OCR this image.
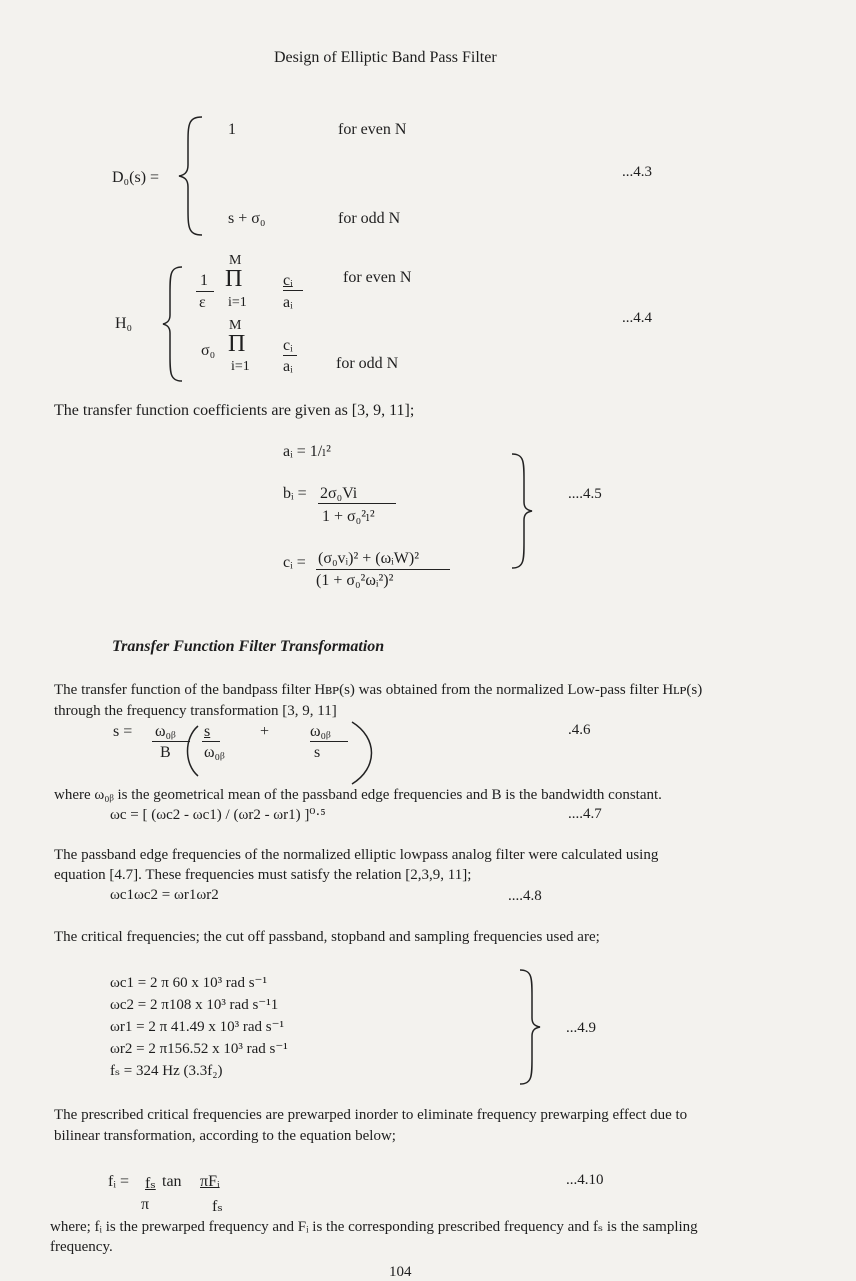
Design of Elliptic Band Pass Filter
D₀(s) =
1	for even N
s + σ₀	for odd N
...4.3
H₀
M
1
ε
Π
i=1
cᵢ
aᵢ
for even N
M
σ₀ Π
i=1
cᵢ
aᵢ	for odd N
...4.4
The transfer function coefficients are given as [3, 9, 11];
aᵢ = 1/ₗ²
bᵢ = 2σ₀Vi
1 + σ₀²ₗ²
cᵢ = (σ₀vᵢ)² + (ωᵢW)²
(1 + σ₀²ωᵢ²)²
....4.5
Transfer Function Filter Transformation
The transfer function of the bandpass filter Hʙᴘ(s) was obtained from the normalized Low-pass filter Hʟᴘ(s)
through the frequency transformation [3, 9, 11]
s = ω₀ᵦ
B
s
ω₀ᵦ
+	ω₀ᵦ
s
.4.6
where ω₀ᵦ is the geometrical mean of the passband edge frequencies and B is the bandwidth constant.
ωc = [ (ωc2 - ωc1) / (ωr2 - ωr1) ]⁰·⁵	....4.7
The passband edge frequencies of the normalized elliptic lowpass analog filter were calculated using
equation [4.7]. These frequencies must satisfy the relation [2,3,9, 11];
ωc1ωc2 = ωr1ωr2	....4.8
The critical frequencies; the cut off passband, stopband and sampling frequencies used are;
ωc1 = 2 π 60 x 10³ rad s⁻¹
ωc2 = 2 π108 x 10³ rad s⁻¹1
ωr1 = 2 π 41.49 x 10³ rad s⁻¹
ωr2 = 2 π156.52 x 10³ rad s⁻¹
fₛ = 324 Hz (3.3f₂)
...4.9
The prescribed critical frequencies are prewarped inorder to eliminate frequency prewarping effect due to
bilinear transformation, according to the equation below;
fᵢ = fₛ tan πFᵢ
π	fₛ
...4.10
where; fᵢ is the prewarped frequency and Fᵢ is the corresponding prescribed frequency and fₛ is the sampling
frequency.
104
